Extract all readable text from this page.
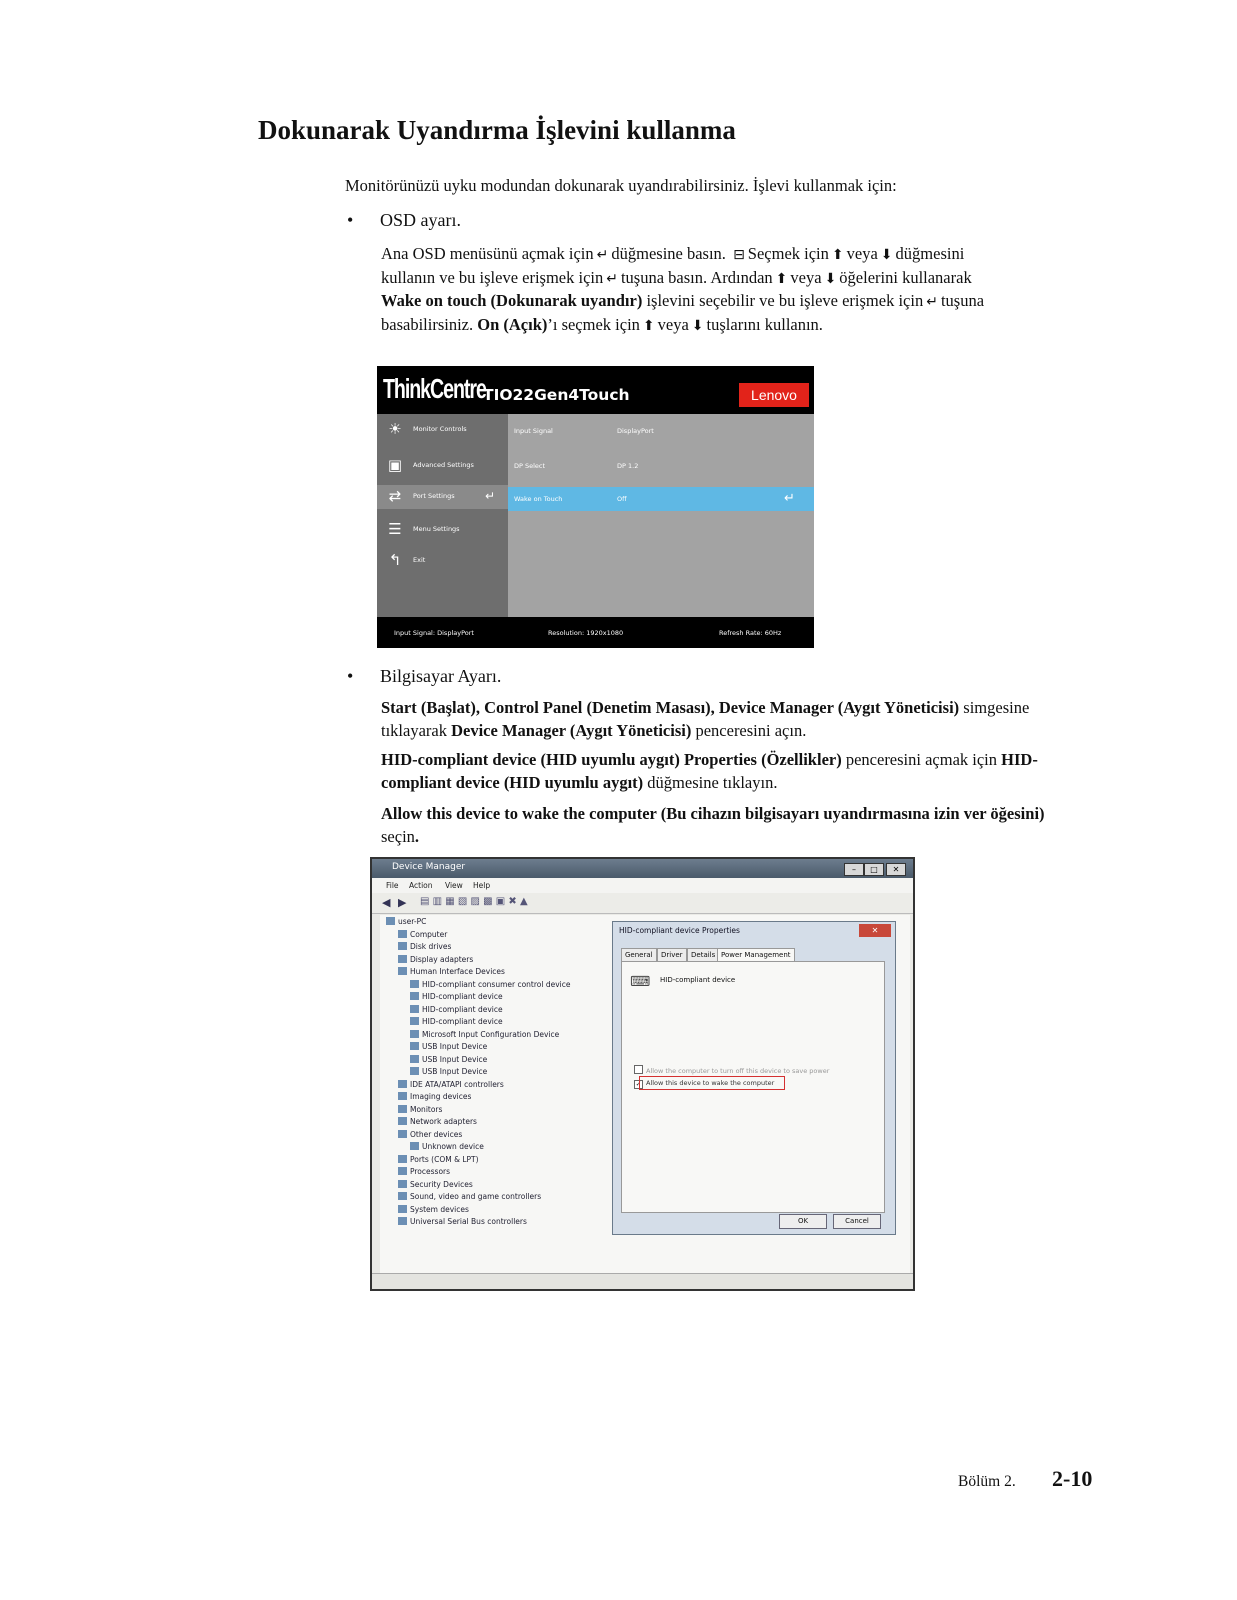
Dokunarak Uyandırma İşlevini kullanma

Monitörünüzü uyku modundan dokunarak uyandırabilirsiniz. İşlevi kullanmak için:

• OSD ayarı.
Ana OSD menüsünü açmak için ↵ düğmesine basın. ⊟ Seçmek için ⬆ veya ⬇ düğmesini
kullanın ve bu işleve erişmek için ↵ tuşuna basın. Ardından ⬆ veya ⬇ öğelerini kullanarak
Wake on touch (Dokunarak uyandır) işlevini seçebilir ve bu işleve erişmek için ↵ tuşuna
basabilirsiniz. On (Açık)’ı seçmek için ⬆ veya ⬇ tuşlarını kullanın.
ThinkCentre
TIO22Gen4Touch	Lenovo
☀	Monitor Controls
▣ Advanced Settings
⇄	Port Settings	↵
☰	Menu Settings
↰	Exit
Input Signal	DisplayPort
DP Select	DP 1.2
Wake on Touch	Off	↵
Input Signal: DisplayPort	Resolution: 1920x1080	Refresh Rate: 60Hz
• Bilgisayar Ayarı.
Start (Başlat), Control Panel (Denetim Masası), Device Manager (Aygıt Yöneticisi) simgesine
tıklayarak Device Manager (Aygıt Yöneticisi) penceresini açın.
HID-compliant device (HID uyumlu aygıt) Properties (Özellikler) penceresini açmak için HID-
compliant device (HID uyumlu aygıt) düğmesine tıklayın.
Allow this device to wake the computer (Bu cihazın bilgisayarı uyandırmasına izin ver öğesini)
seçin.
Device Manager	–	□	✕
File Action View Help
◀ ▶ ▤ ▥ ▦ ▧ ▨ ▩ ▣ ✖ ▲
HID-compliant device Properties	✕
General	Driver	Details Power Management
⌨ HID-compliant device
Allow the computer to turn off this device to save power
✓ Allow this device to wake the computer
OK	Cancel
user-PC
Computer
Disk drives
Display adapters
Human Interface Devices
HID-compliant consumer control device
HID-compliant device
HID-compliant device
HID-compliant device
Microsoft Input Configuration Device
USB Input Device
USB Input Device
USB Input Device
IDE ATA/ATAPI controllers
Imaging devices
Monitors
Network adapters
Other devices
Unknown device
Ports (COM & LPT)
Processors
Security Devices
Sound, video and game controllers
System devices
Universal Serial Bus controllers
Bölüm 2. 2-10
